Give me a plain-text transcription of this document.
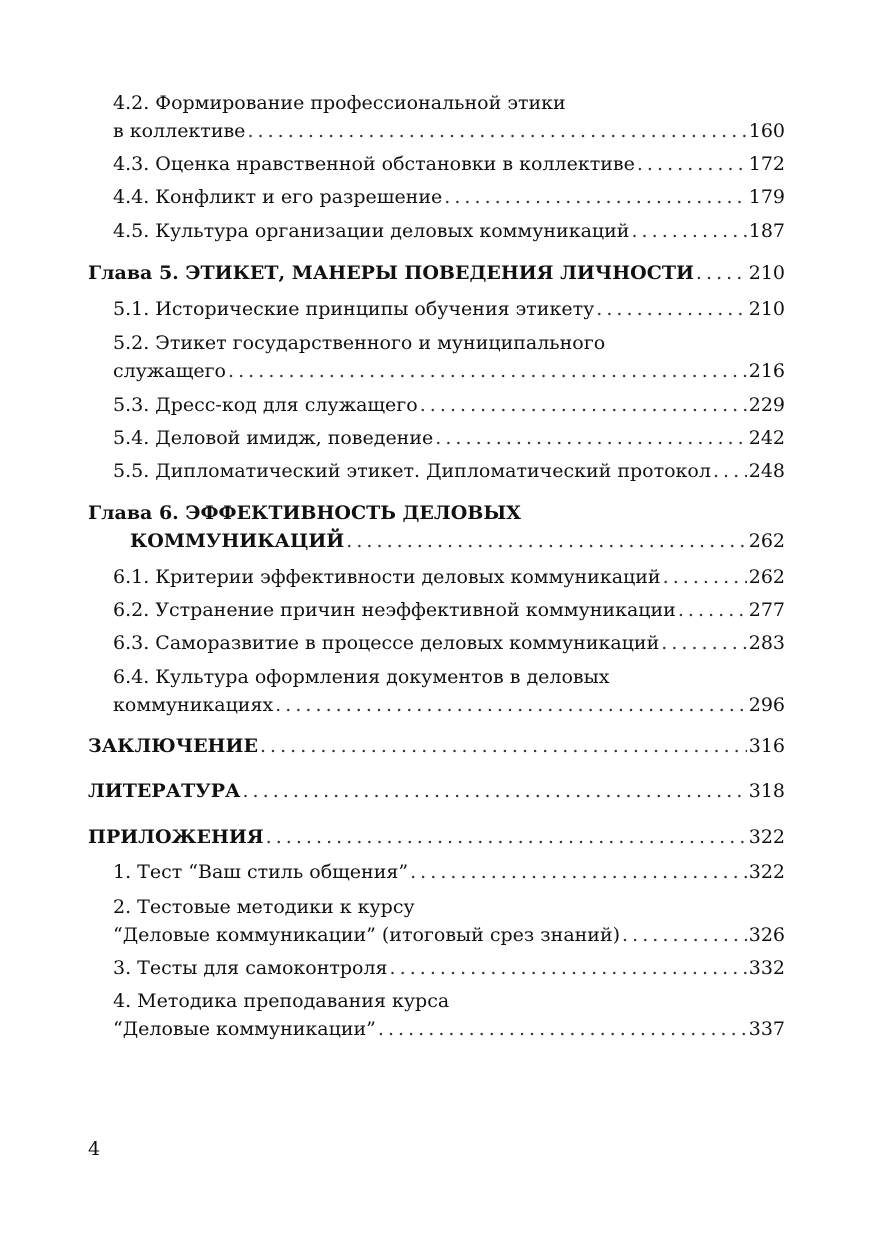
4.2. Формирование профессиональной этики
в коллективе . . .	160
4.3. Оценка нравственной обстановки в коллективе . . .	172
4.4. Конфликт и его разрешение . . .	179
4.5. Культура организации деловых коммуникаций . . .	187
Глава 5. ЭТИКЕТ, МАНЕРЫ ПОВЕДЕНИЯ ЛИЧНОСТИ . . .	210
5.1. Исторические принципы обучения этикету . . .	210
5.2. Этикет государственного и муниципального
служащего . . .	216
5.3. Дресс-код для служащего . . .	229
5.4. Деловой имидж, поведение . . .	242
5.5. Дипломатический этикет. Дипломатический протокол . . . 248
Глава 6. ЭФФЕКТИВНОСТЬ ДЕЛОВЫХ
КОММУНИКАЦИЙ . . .	262
6.1. Критерии эффективности деловых коммуникаций . . .	262
6.2. Устранение причин неэффективной коммуникации . . .	277
6.3. Саморазвитие в процессе деловых коммуникаций . . .	283
6.4. Культура оформления документов в деловых
коммуникациях . . .	296
ЗАКЛЮЧЕНИЕ . . .	316
ЛИТЕРАТУРА . . .	318
ПРИЛОЖЕНИЯ . . .	322
1. Тест “Ваш стиль общения” . . .	322
2. Тестовые методики к курсу
“Деловые коммуникации” (итоговый срез знаний) . . .	326
3. Тесты для самоконтроля . . .	332
4. Методика преподавания курса
“Деловые коммуникации” . . .	337
4
